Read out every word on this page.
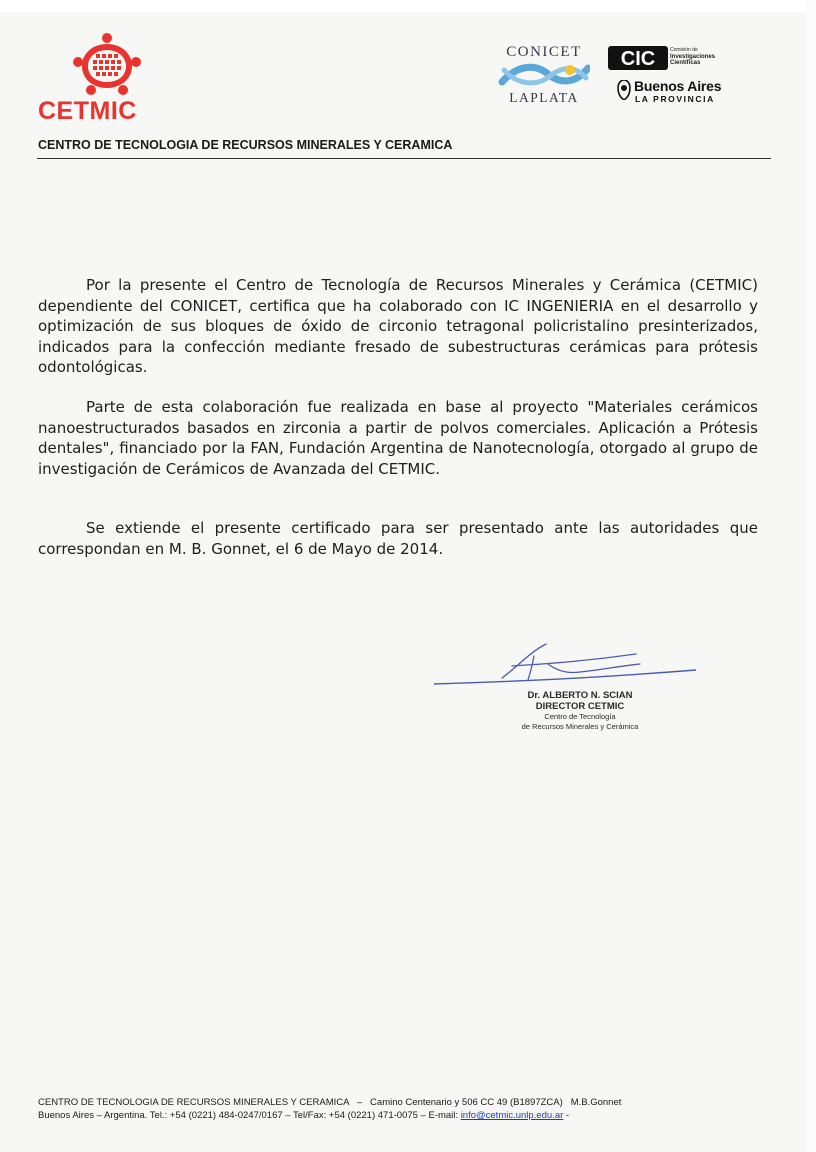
CETMIC
CONICET
LAPLATA
CIC	Comisión de
Investigaciones
Científicas
Buenos Aires
LA PROVINCIA
CENTRO DE TECNOLOGIA DE RECURSOS MINERALES Y CERAMICA

Por la presente el Centro de Tecnología de Recursos Minerales y Cerámica (CETMIC) dependiente del CONICET, certifica que ha colaborado con IC INGENIERIA en el desarrollo y optimización de sus bloques de óxido de circonio tetragonal policristalino presinterizados, indicados para la confección mediante fresado de subestructuras cerámicas para prótesis odontológicas.

Parte de esta colaboración fue realizada en base al proyecto "Materiales cerámicos nanoestructurados basados en zirconia a partir de polvos comerciales. Aplicación a Prótesis dentales", financiado por la FAN, Fundación Argentina de Nanotecnología, otorgado al grupo de investigación de Cerámicos de Avanzada del CETMIC.

Se extiende el presente certificado para ser presentado ante las autoridades que correspondan en M. B. Gonnet, el 6 de Mayo de 2014.

Dr. ALBERTO N. SCIAN
DIRECTOR CETMIC
Centro de Tecnología
de Recursos Minerales y Cerámica
CENTRO DE TECNOLOGIA DE RECURSOS MINERALES Y CERAMICA   –   Camino Centenario y 506 CC 49 (B1897ZCA)   M.B.Gonnet
Buenos Aires – Argentina. Tel.: +54 (0221) 484-0247/0167 – Tel/Fax: +54 (0221) 471-0075 – E-mail: info@cetmic.unlp.edu.ar -
